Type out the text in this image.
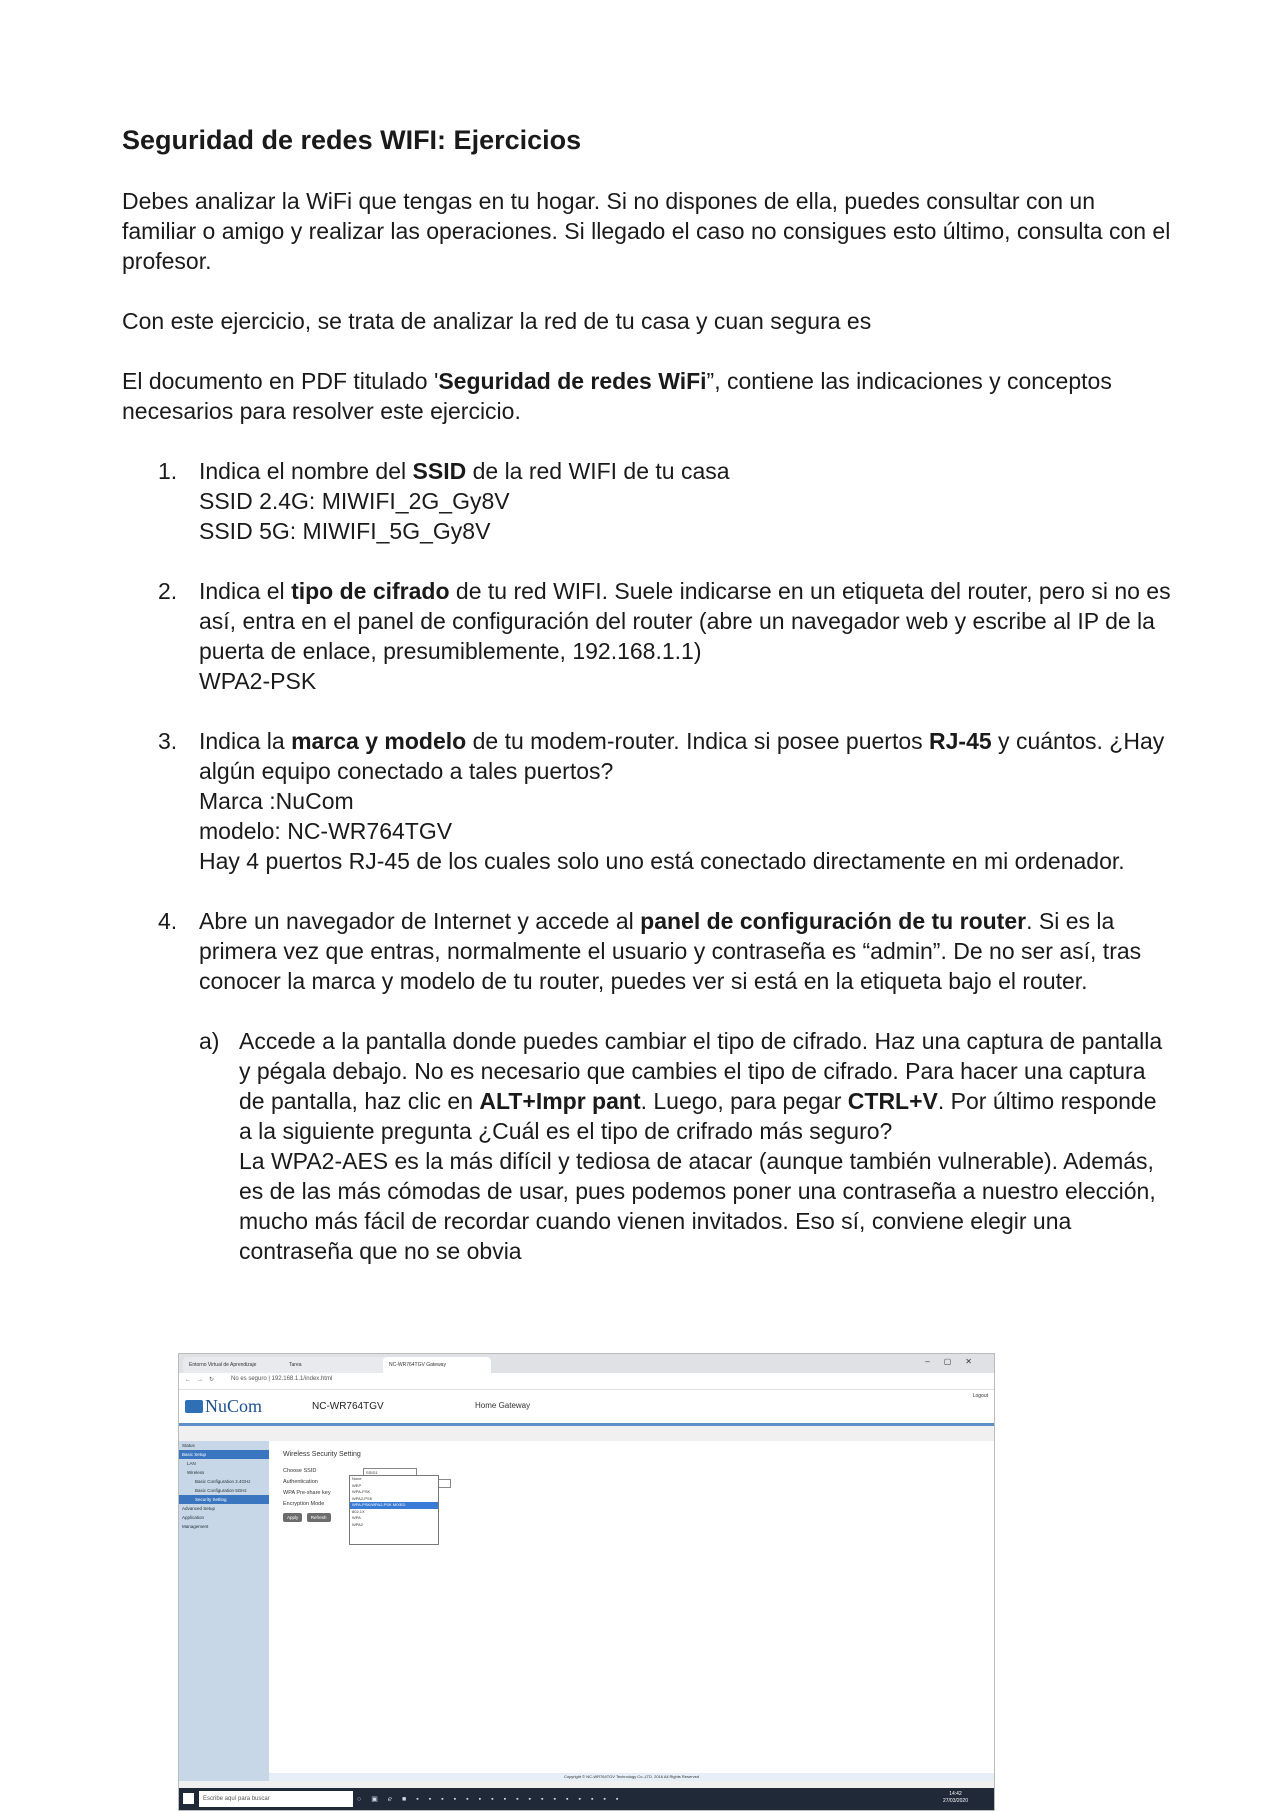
Seguridad de redes WIFI: Ejercicios

Debes analizar la WiFi que tengas en tu hogar. Si no dispones de ella, puedes consultar con un familiar o amigo y realizar las operaciones. Si llegado el caso no consigues esto último, consulta con el profesor.

Con este ejercicio, se trata de analizar la red de tu casa y cuan segura es

El documento en PDF titulado 'Seguridad de redes WiFi”, contiene las indicaciones y conceptos necesarios para resolver este ejercicio.

1. Indica el nombre del SSID de la red WIFI de tu casa
SSID 2.4G: MIWIFI_2G_Gy8V
SSID 5G: MIWIFI_5G_Gy8V
2. Indica el tipo de cifrado de tu red WIFI. Suele indicarse en un etiqueta del router, pero si no es así, entra en el panel de configuración del router (abre un navegador web y escribe al IP de la puerta de enlace, presumiblemente, 192.168.1.1)
WPA2-PSK
3. Indica la marca y modelo de tu modem-router. Indica si posee puertos RJ-45 y cuántos. ¿Hay algún equipo conectado a tales puertos?
Marca :NuCom
modelo: NC-WR764TGV
Hay 4 puertos RJ-45 de los cuales solo uno está conectado directamente en mi ordenador.
4. Abre un navegador de Internet y accede al panel de configuración de tu router. Si es la primera vez que entras, normalmente el usuario y contraseña es “admin”. De no ser así, tras conocer la marca y modelo de tu router, puedes ver si está en la etiqueta bajo el router.
a) Accede a la pantalla donde puedes cambiar el tipo de cifrado. Haz una captura de pantalla y pégala debajo. No es necesario que cambies el tipo de cifrado. Para hacer una captura de pantalla, haz clic en ALT+Impr pant. Luego, para pegar CTRL+V. Por último responde a la siguiente pregunta ¿Cuál es el tipo de crifrado más seguro?
La WPA2-AES es la más difícil y tediosa de atacar (aunque también vulnerable). Además, es de las más cómodas de usar, pues podemos poner una contraseña a nuestro elección, mucho más fácil de recordar cuando vienen invitados. Eso sí, conviene elegir una contraseña que no se obvia
Entorno Virtual de Aprendizaje	Tarea	NC-WR764TGV Gateway	–▢✕
←→↻ No es seguro | 192.168.1.1/index.html
NuCom	NC-WR764TGV	Home Gateway
Logout
Status
Basic Setup
LAN
Wireless
Basic Configuration 2.4GHz
Basic Configuration 5GHz
Security Setting
Advanced Setup
Application
Management
Wireless Security Setting
Choose SSID
Authentication
WPA Pre-share key
Encryption Mode
SSID1
None
WEP
WPA-PSK
WPA2-PSK
WPA-PSK/WPA2-PSK MIXED
802.1X
WPA
WPA2
Apply	Refresh
Copyright © NC-WR764TGV Technology Co.,LTD. 2016 All Rights Reserved
Escribe aquí para buscar	○▣ℯ■▪▪▪▪▪▪▪▪▪▪▪▪▪▪▪▪▪
14:42
27/03/2020
